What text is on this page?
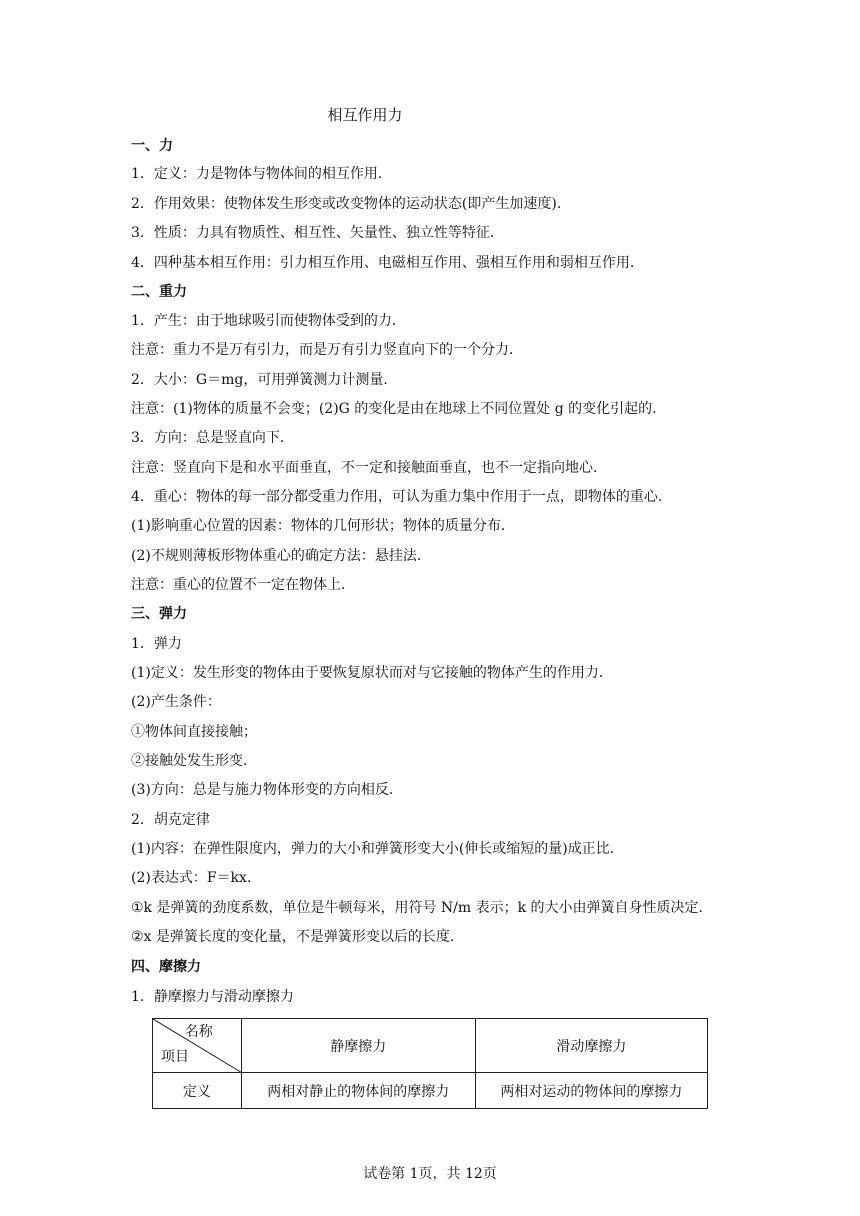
相互作用力
一、力
1．定义：力是物体与物体间的相互作用．
2．作用效果：使物体发生形变或改变物体的运动状态(即产生加速度)．
3．性质：力具有物质性、相互性、矢量性、独立性等特征．
4．四种基本相互作用：引力相互作用、电磁相互作用、强相互作用和弱相互作用．
二、重力
1．产生：由于地球吸引而使物体受到的力．
注意：重力不是万有引力，而是万有引力竖直向下的一个分力．
2．大小：G＝mg，可用弹簧测力计测量．
注意：(1)物体的质量不会变；(2)G 的变化是由在地球上不同位置处 g 的变化引起的．
3．方向：总是竖直向下．
注意：竖直向下是和水平面垂直，不一定和接触面垂直，也不一定指向地心．
4．重心：物体的每一部分都受重力作用，可认为重力集中作用于一点，即物体的重心．
(1)影响重心位置的因素：物体的几何形状；物体的质量分布．
(2)不规则薄板形物体重心的确定方法：悬挂法．
注意：重心的位置不一定在物体上．
三、弹力
1．弹力
(1)定义：发生形变的物体由于要恢复原状而对与它接触的物体产生的作用力．
(2)产生条件：
①物体间直接接触；
②接触处发生形变．
(3)方向：总是与施力物体形变的方向相反．
2．胡克定律
(1)内容：在弹性限度内，弹力的大小和弹簧形变大小(伸长或缩短的量)成正比．
(2)表达式：F＝kx.
①k 是弹簧的劲度系数，单位是牛顿每米，用符号 N/m 表示；k 的大小由弹簧自身性质决定．
②x 是弹簧长度的变化量，不是弹簧形变以后的长度．
四、摩擦力
1．静摩擦力与滑动摩擦力
名称
项目	静摩擦力	滑动摩擦力
定义	两相对静止的物体间的摩擦力	两相对运动的物体间的摩擦力
试卷第 1页，共 12页
